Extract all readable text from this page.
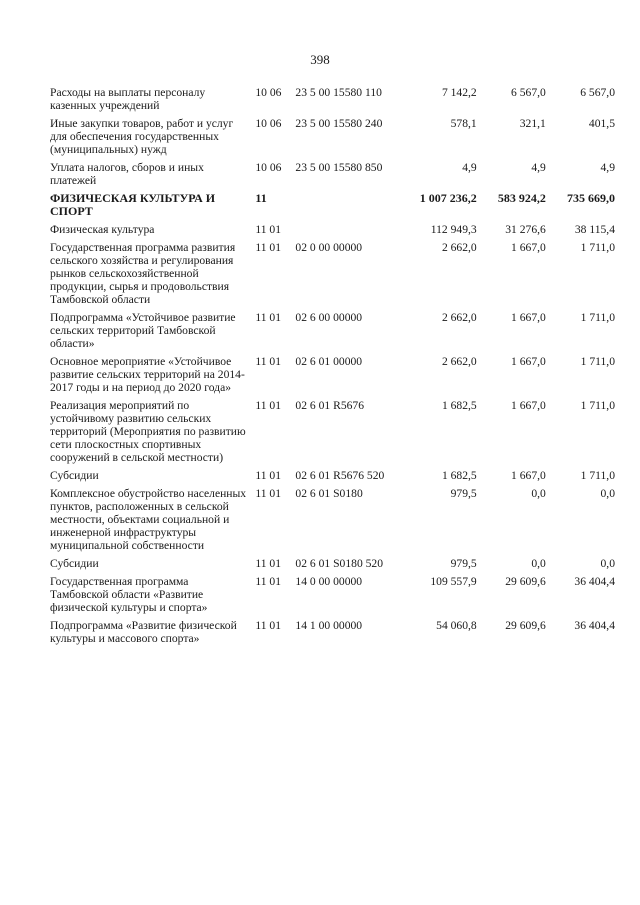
398
Расходы на выплаты персоналу казенных учреждений	10 06	23 5 00 15580 110	7 142,2	6 567,0	6 567,0
Иные закупки товаров, работ и услуг для обеспечения государственных (муниципальных) нужд	10 06	23 5 00 15580 240	578,1	321,1	401,5
Уплата налогов, сборов и иных платежей	10 06	23 5 00 15580 850	4,9	4,9	4,9
ФИЗИЧЕСКАЯ КУЛЬТУРА И СПОРТ	11		1 007 236,2	583 924,2	735 669,0
Физическая культура	11 01		112 949,3	31 276,6	38 115,4
Государственная программа развития сельского хозяйства и регулирования рынков сельскохозяйственной продукции, сырья и продовольствия Тамбовской области	11 01	02 0 00 00000	2 662,0	1 667,0	1 711,0
Подпрограмма «Устойчивое развитие сельских территорий Тамбовской области»	11 01	02 6 00 00000	2 662,0	1 667,0	1 711,0
Основное мероприятие «Устойчивое развитие сельских территорий на 2014-2017 годы и на период до 2020 года»	11 01	02 6 01 00000	2 662,0	1 667,0	1 711,0
Реализация мероприятий по устойчивому развитию сельских территорий (Мероприятия по развитию сети плоскостных спортивных сооружений в сельской местности)	11 01	02 6 01 R5676	1 682,5	1 667,0	1 711,0
Субсидии	11 01	02 6 01 R5676 520	1 682,5	1 667,0	1 711,0
Комплексное обустройство населенных пунктов, расположенных в сельской местности, объектами социальной и инженерной инфраструктуры муниципальной собственности	11 01	02 6 01 S0180	979,5	0,0	0,0
Субсидии	11 01	02 6 01 S0180 520	979,5	0,0	0,0
Государственная программа Тамбовской области «Развитие физической культуры и спорта»	11 01	14 0 00 00000	109 557,9	29 609,6	36 404,4
Подпрограмма «Развитие физической культуры и массового спорта»	11 01	14 1 00 00000	54 060,8	29 609,6	36 404,4
